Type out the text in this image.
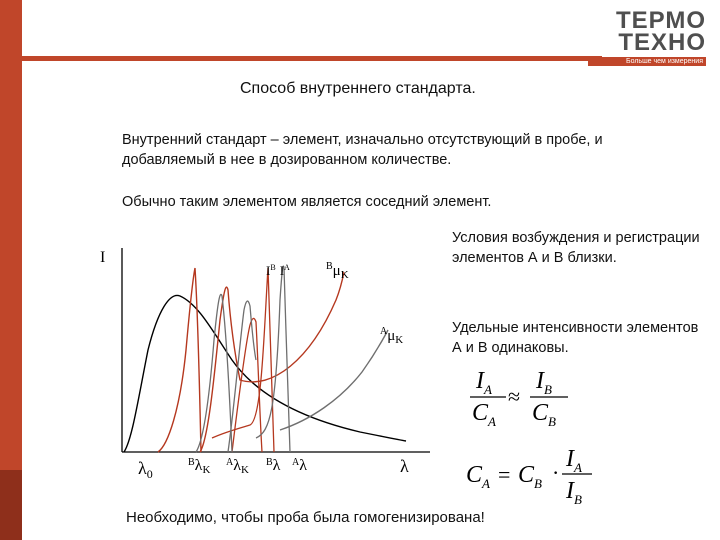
ТЕРМО
ТЕХНО
Больше чем измерения
Способ внутреннего стандарта.
Внутренний стандарт – элемент, изначально отсутствующий в пробе, и добавляемый в нее в дозированном количестве.
Обычно таким элементом является соседний элемент.
Условия возбуждения и регистрации элементов А и В близки.
Удельные интенсивности элементов А и В одинаковы.
Необходимо, чтобы проба была гомогенизирована!
I
λ
$I^B$ $I^A$	$^B\mu_K$
$^A\mu_K$
$\lambda_0$
$^B$λK
$^A$λK
$^B$λ $^A$λ
$I_A$
$C_A$
≈
$I_B$
$C_B$
$C_A = C_B$ ·
$I_A$
$I_B$
